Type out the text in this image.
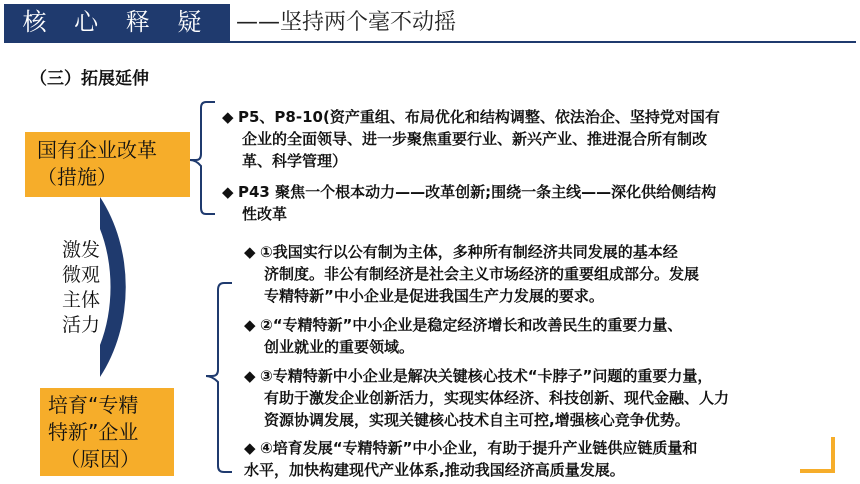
核 心 释 疑	——坚持两个毫不动摇
（三）拓展延伸
国有企业改革
（措施）
培育“专精
特新”企业
（原因）
激发
微观
主体
活力
◆ P5、P8-10(资产重组、布局优化和结构调整、依法治企、坚持党对国有
企业的全面领导、进一步聚焦重要行业、新兴产业、推进混合所有制改
革、科学管理）
◆ P43 聚焦一个根本动力——改革创新;围绕一条主线——深化供给侧结构
性改革
◆ ①我国实行以公有制为主体，多种所有制经济共同发展的基本经
济制度。非公有制经济是社会主义市场经济的重要组成部分。发展
专精特新”中小企业是促进我国生产力发展的要求。
◆ ②“专精特新”中小企业是稳定经济增长和改善民生的重要力量、
创业就业的重要领域。
◆ ③专精特新中小企业是解决关键核心技术“卡脖子”问题的重要力量，
有助于激发企业创新活力，实现实体经济、科技创新、现代金融、人力
资源协调发展，实现关键核心技术自主可控,增强核心竞争优势。
◆ ④培育发展“专精特新”中小企业，有助于提升产业链供应链质量和
水平，加快构建现代产业体系,推动我国经济高质量发展。
